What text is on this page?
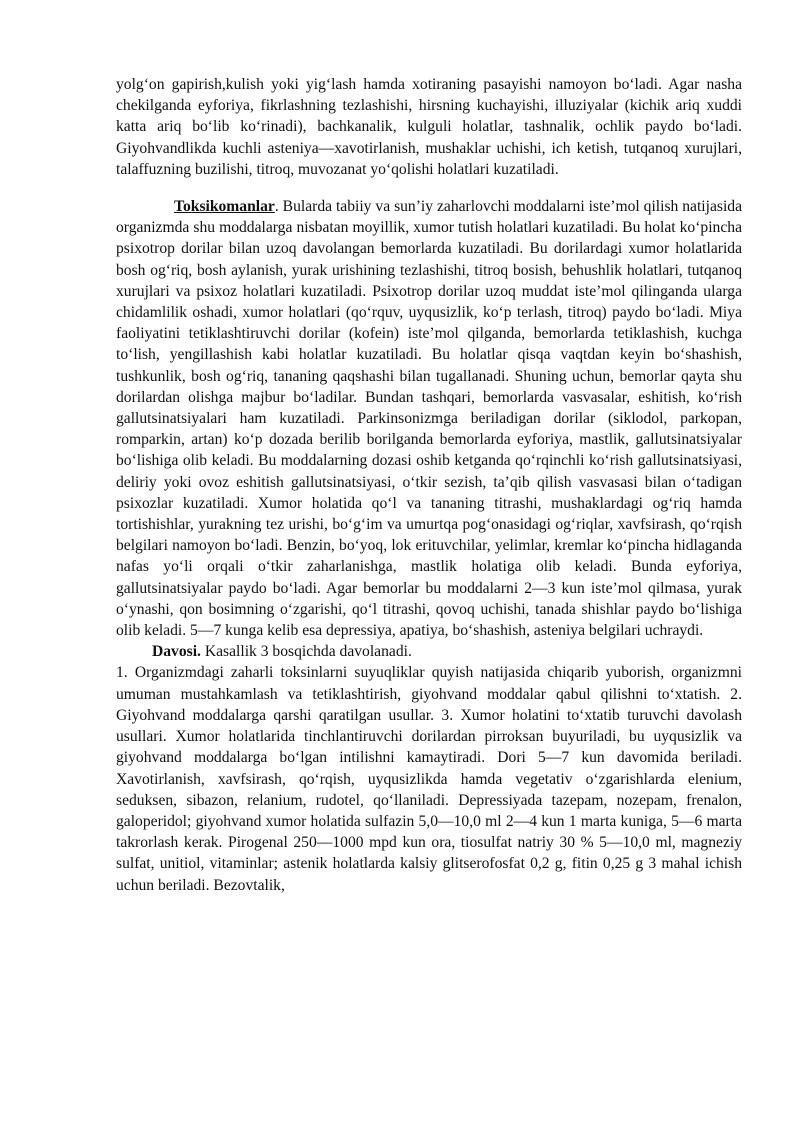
yolg‘on gapirish,kulish yoki yig‘lash hamda xotiraning pasayishi namoyon bo‘ladi. Agar nasha chekilganda eyforiya, fikrlashning tezlashishi, hirsning kuchayishi, illuziyalar (kichik ariq xuddi katta ariq bo‘lib ko‘rinadi), bachkanalik, kulguli holatlar, tashnalik, ochlik paydo bo‘ladi. Giyohvandlikda kuchli asteniya—xavotirlanish, mushaklar uchishi, ich ketish, tutqanoq xurujlari, talaffuzning buzilishi, titroq, muvozanat yo‘qolishi holatlari kuzatiladi.

Toksikomanlar. Bularda tabiiy va sun’iy zaharlovchi moddalarni iste’mol qilish natijasida organizmda shu moddalarga nisbatan moyillik, xumor tutish holatlari kuzatiladi. Bu holat ko‘pincha psixotrop dorilar bilan uzoq davolangan bemorlarda kuzatiladi. Bu dorilardagi xumor holatlarida bosh og‘riq, bosh aylanish, yurak urishining tezlashishi, titroq bosish, behushlik holatlari, tutqanoq xurujlari va psixoz holatlari kuzatiladi. Psixotrop dorilar uzoq muddat iste’mol qilinganda ularga chidamlilik oshadi, xumor holatlari (qo‘rquv, uyqusizlik, ko‘p terlash, titroq) paydo bo‘ladi. Miya faoliyatini tetiklashtiruvchi dorilar (kofein) iste’mol qilganda, bemorlarda tetiklashish, kuchga to‘lish, yengillashish kabi holatlar kuzatiladi. Bu holatlar qisqa vaqtdan keyin bo‘shashish, tushkunlik, bosh og‘riq, tananing qaqshashi bilan tugallanadi. Shuning uchun, bemorlar qayta shu dorilardan olishga majbur bo‘ladilar. Bundan tashqari, bemorlarda vasvasalar, eshitish, ko‘rish gallutsinatsiyalari ham kuzatiladi. Parkinsonizmga beriladigan dorilar (siklodol, parkopan, romparkin, artan) ko‘p dozada berilib borilganda bemorlarda eyforiya, mastlik, gallutsinatsiyalar bo‘lishiga olib keladi. Bu moddalarning dozasi oshib ketganda qo‘rqinchli ko‘rish gallutsinatsiyasi, deliriy yoki ovoz eshitish gallutsinatsiyasi, o‘tkir sezish, ta’qib qilish vasvasasi bilan o‘tadigan psixozlar kuzatiladi. Xumor holatida qo‘l va tananing titrashi, mushaklardagi og‘riq hamda tortishishlar, yurakning tez urishi, bo‘g‘im va umurtqa pog‘onasidagi og‘riqlar, xavfsirash, qo‘rqish belgilari namoyon bo‘ladi. Benzin, bo‘yoq, lok erituvchilar, yelimlar, kremlar ko‘pincha hidlaganda nafas yo‘li orqali o‘tkir zaharlanishga, mastlik holatiga olib keladi. Bunda eyforiya, gallutsinatsiyalar paydo bo‘ladi. Agar bemorlar bu moddalarni 2—3 kun iste’mol qilmasa, yurak o‘ynashi, qon bosimning o‘zgarishi, qo‘l titrashi, qovoq uchishi, tanada shishlar paydo bo‘lishiga olib keladi. 5—7 kunga kelib esa depressiya, apatiya, bo‘shashish, asteniya belgilari uchraydi.

Davosi. Kasallik 3 bosqichda davolanadi.

1. Organizmdagi zaharli toksinlarni suyuqliklar quyish natijasida chiqarib yuborish, organizmni umuman mustahkamlash va tetiklashtirish, giyohvand moddalar qabul qilishni to‘xtatish. 2. Giyohvand moddalarga qarshi qaratilgan usullar. 3. Xumor holatini to‘xtatib turuvchi davolash usullari. Xumor holatlarida tinchlantiruvchi dorilardan pirroksan buyuriladi, bu uyqusizlik va giyohvand moddalarga bo‘lgan intilishni kamaytiradi. Dori 5—7 kun davomida beriladi. Xavotirlanish, xavfsirash, qo‘rqish, uyqusizlikda hamda vegetativ o‘zgarishlarda elenium, seduksen, sibazon, relanium, rudotel, qo‘llaniladi. Depressiyada tazepam, nozepam, frenalon, galoperidol; giyohvand xumor holatida sulfazin 5,0—10,0 ml 2—4 kun 1 marta kuniga, 5—6 marta takrorlash kerak. Pirogenal 250—1000 mpd kun ora, tiosulfat natriy 30 % 5—10,0 ml, magneziy sulfat, unitiol, vitaminlar; astenik holatlarda kalsiy glitserofosfat 0,2 g, fitin 0,25 g 3 mahal ichish uchun beriladi. Bezovtalik,
